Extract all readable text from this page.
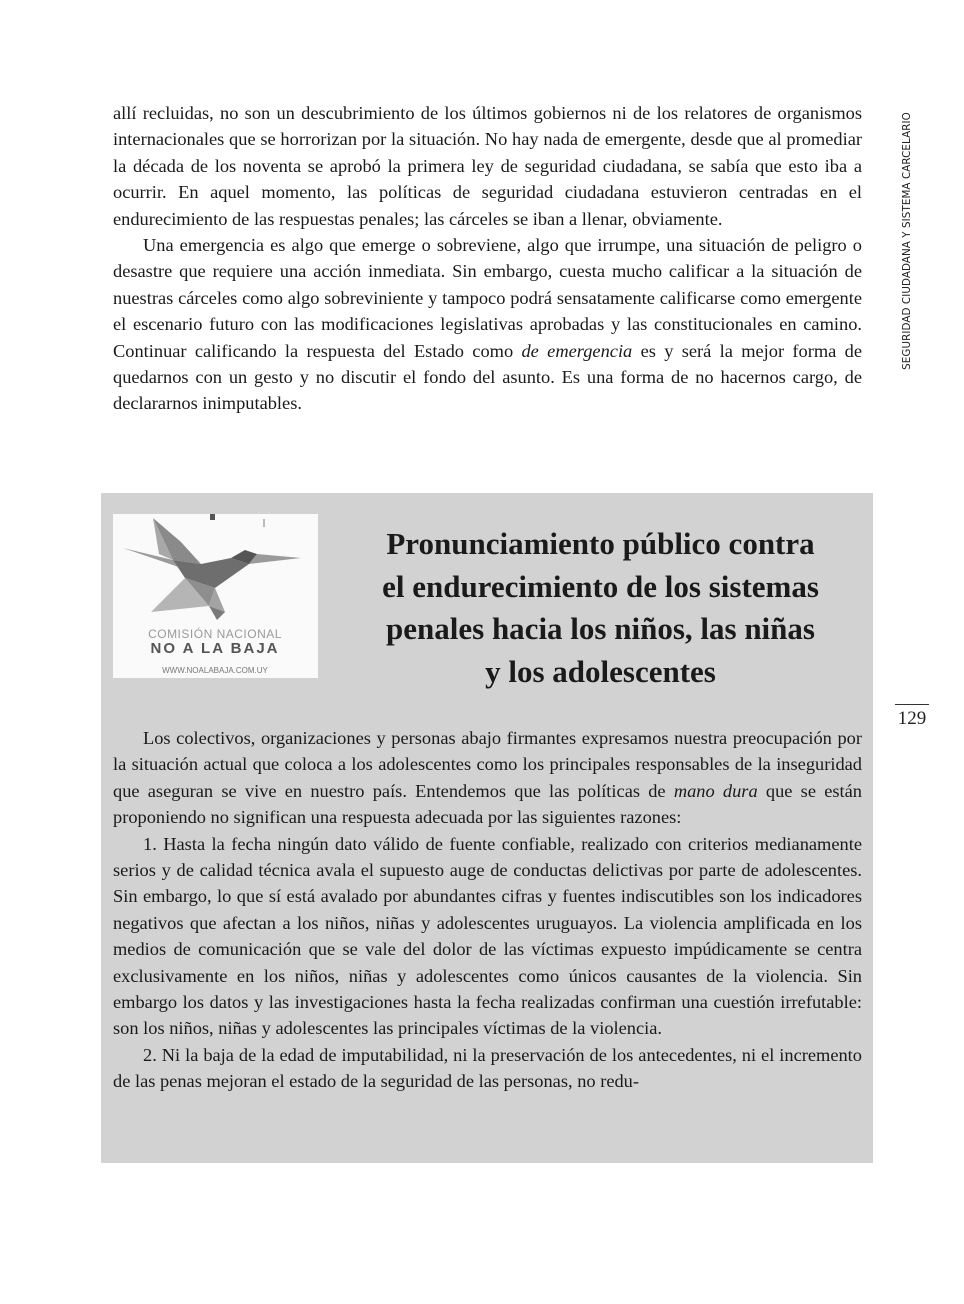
allí recluidas, no son un descubrimiento de los últimos gobiernos ni de los relatores de organismos internacionales que se horrorizan por la situación. No hay nada de emergente, desde que al promediar la década de los noventa se aprobó la primera ley de seguridad ciudadana, se sabía que esto iba a ocurrir. En aquel momento, las políticas de seguridad ciudadana estuvieron centradas en el endurecimiento de las respuestas penales; las cárceles se iban a llenar, obviamente.

Una emergencia es algo que emerge o sobreviene, algo que irrumpe, una situación de peligro o desastre que requiere una acción inmediata. Sin embargo, cuesta mucho calificar a la situación de nuestras cárceles como algo sobreviniente y tampoco podrá sensatamente calificarse como emergente el escenario futuro con las modificaciones legislativas aprobadas y las constitucionales en camino. Continuar calificando la respuesta del Estado como de emergencia es y será la mejor forma de quedarnos con un gesto y no discutir el fondo del asunto. Es una forma de no hacernos cargo, de declararnos inimputables.

SEGURIDAD CIUDADANA Y SISTEMA CARCELARIO
129
COMISIÓN NACIONAL
NO A LA BAJA
WWW.NOALABAJA.COM.UY
Pronunciamiento público contra
el endurecimiento de los sistemas
penales hacia los niños, las niñas
y los adolescentes

Los colectivos, organizaciones y personas abajo firmantes expresamos nuestra preocupación por la situación actual que coloca a los adolescentes como los principales responsables de la inseguridad que aseguran se vive en nuestro país. Entendemos que las políticas de mano dura que se están proponiendo no significan una respuesta adecuada por las siguientes razones:

1. Hasta la fecha ningún dato válido de fuente confiable, realizado con criterios medianamente serios y de calidad técnica avala el supuesto auge de conductas delictivas por parte de adolescentes. Sin embargo, lo que sí está avalado por abundantes cifras y fuentes indiscutibles son los indicadores negativos que afectan a los niños, niñas y adolescentes uruguayos. La violencia amplificada en los medios de comunicación que se vale del dolor de las víctimas expuesto impúdicamente se centra exclusivamente en los niños, niñas y adolescentes como únicos causantes de la violencia. Sin embargo los datos y las investigaciones hasta la fecha realizadas confirman una cuestión irrefutable: son los niños, niñas y adolescentes las principales víctimas de la violencia.

2. Ni la baja de la edad de imputabilidad, ni la preservación de los antecedentes, ni el incremento de las penas mejoran el estado de la seguridad de las personas, no redu-
